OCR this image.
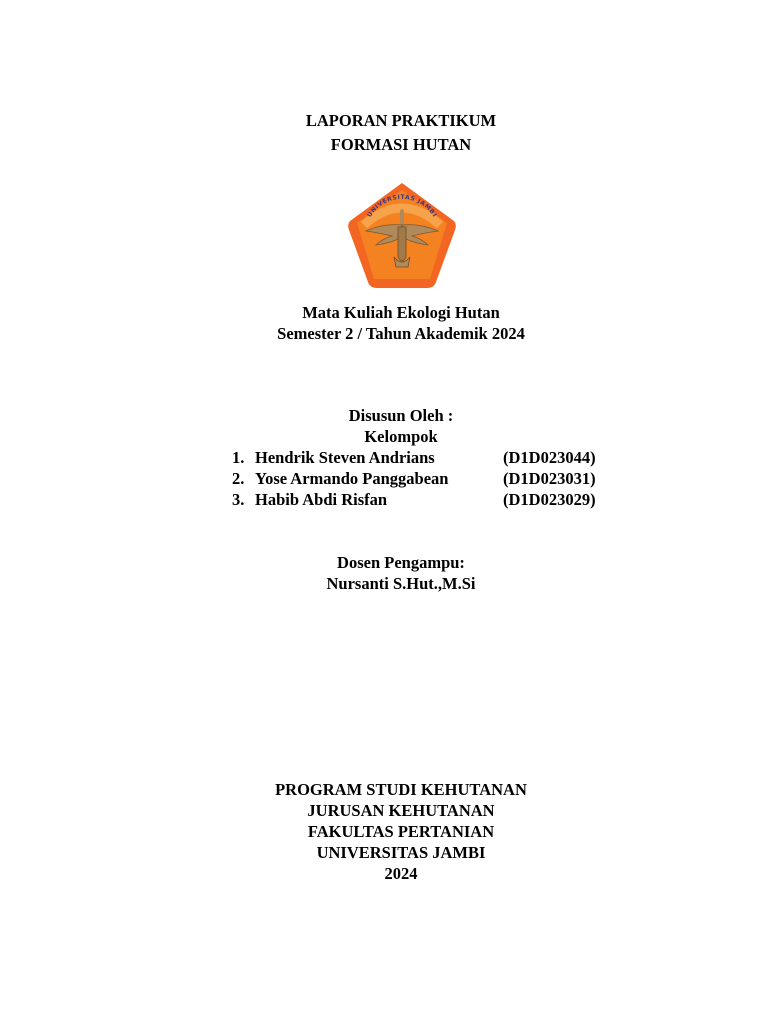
LAPORAN PRAKTIKUM
FORMASI HUTAN
UNIVERSITAS JAMBI
Mata Kuliah Ekologi Hutan
Semester 2 / Tahun Akademik 2024
Disusun Oleh :
Kelompok
1. Hendrik Steven Andrians	(D1D023044)
2. Yose Armando Panggabean	(D1D023031)
3. Habib Abdi Risfan	(D1D023029)
Dosen Pengampu:
Nursanti S.Hut.,M.Si
PROGRAM STUDI KEHUTANAN
JURUSAN KEHUTANAN
FAKULTAS PERTANIAN
UNIVERSITAS JAMBI
2024
